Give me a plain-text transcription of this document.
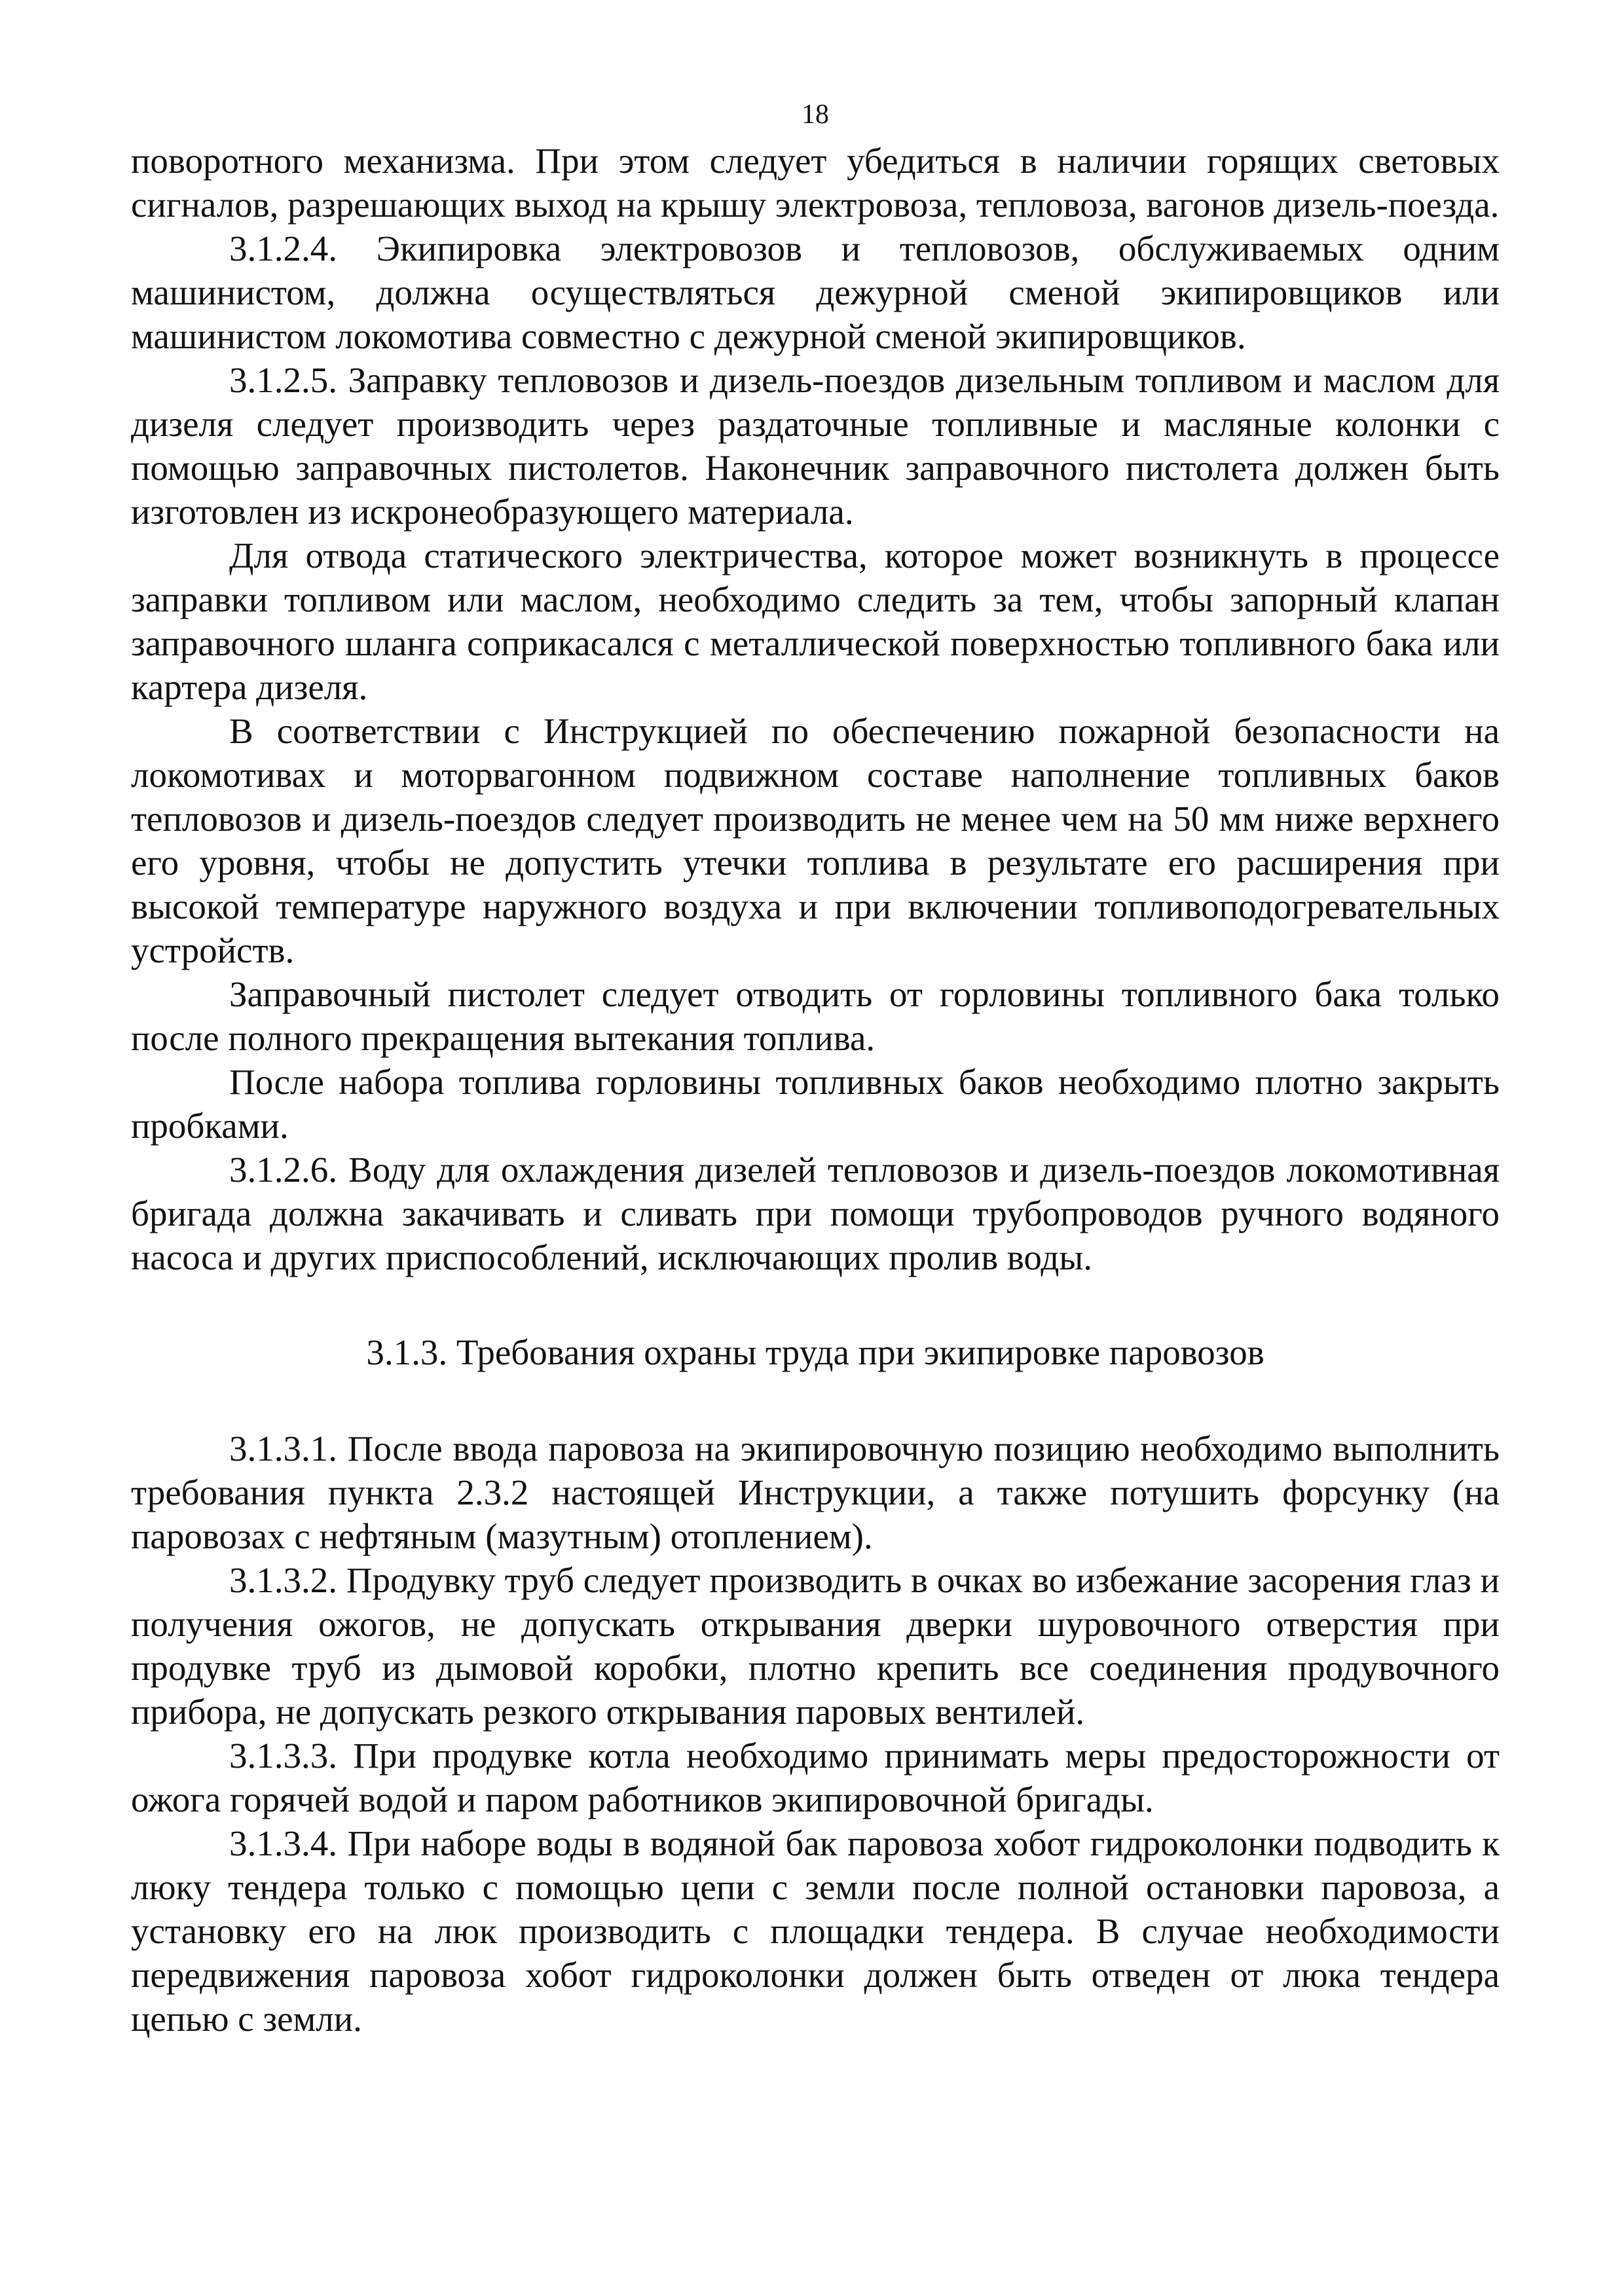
18

поворотного механизма. При этом следует убедиться в наличии горящих световых сигналов, разрешающих выход на крышу электровоза, тепловоза, вагонов дизель-поезда.

3.1.2.4. Экипировка электровозов и тепловозов, обслуживаемых одним машинистом, должна осуществляться дежурной сменой экипировщиков или машинистом локомотива совместно с дежурной сменой экипировщиков.

3.1.2.5. Заправку тепловозов и дизель-поездов дизельным топливом и маслом для дизеля следует производить через раздаточные топливные и масляные колонки с помощью заправочных пистолетов. Наконечник заправочного пистолета должен быть изготовлен из искронеобразующего материала.

Для отвода статического электричества, которое может возникнуть в процессе заправки топливом или маслом, необходимо следить за тем, чтобы запорный клапан заправочного шланга соприкасался с металлической поверхностью топливного бака или картера дизеля.

В соответствии с Инструкцией по обеспечению пожарной безопасности на локомотивах и моторвагонном подвижном составе наполнение топливных баков тепловозов и дизель-поездов следует производить не менее чем на 50 мм ниже верхнего его уровня, чтобы не допустить утечки топлива в результате его расширения при высокой температуре наружного воздуха и при включении топливоподогревательных устройств.

Заправочный пистолет следует отводить от горловины топливного бака только после полного прекращения вытекания топлива.

После набора топлива горловины топливных баков необходимо плотно закрыть пробками.

3.1.2.6. Воду для охлаждения дизелей тепловозов и дизель-поездов локомотивная бригада должна закачивать и сливать при помощи трубопроводов ручного водяного насоса и других приспособлений, исключающих пролив воды.

3.1.3. Требования охраны труда при экипировке паровозов

3.1.3.1. После ввода паровоза на экипировочную позицию необходимо выполнить требования пункта 2.3.2 настоящей Инструкции, а также потушить форсунку (на паровозах с нефтяным (мазутным) отоплением).

3.1.3.2. Продувку труб следует производить в очках во избежание засорения глаз и получения ожогов, не допускать открывания дверки шуровочного отверстия при продувке труб из дымовой коробки, плотно крепить все соединения продувочного прибора, не допускать резкого открывания паровых вентилей.

3.1.3.3. При продувке котла необходимо принимать меры предосторожности от ожога горячей водой и паром работников экипировочной бригады.

3.1.3.4. При наборе воды в водяной бак паровоза хобот гидроколонки подводить к люку тендера только с помощью цепи с земли после полной остановки паровоза, а установку его на люк производить с площадки тендера. В случае необходимости передвижения паровоза хобот гидроколонки должен быть отведен от люка тендера цепью с земли.
